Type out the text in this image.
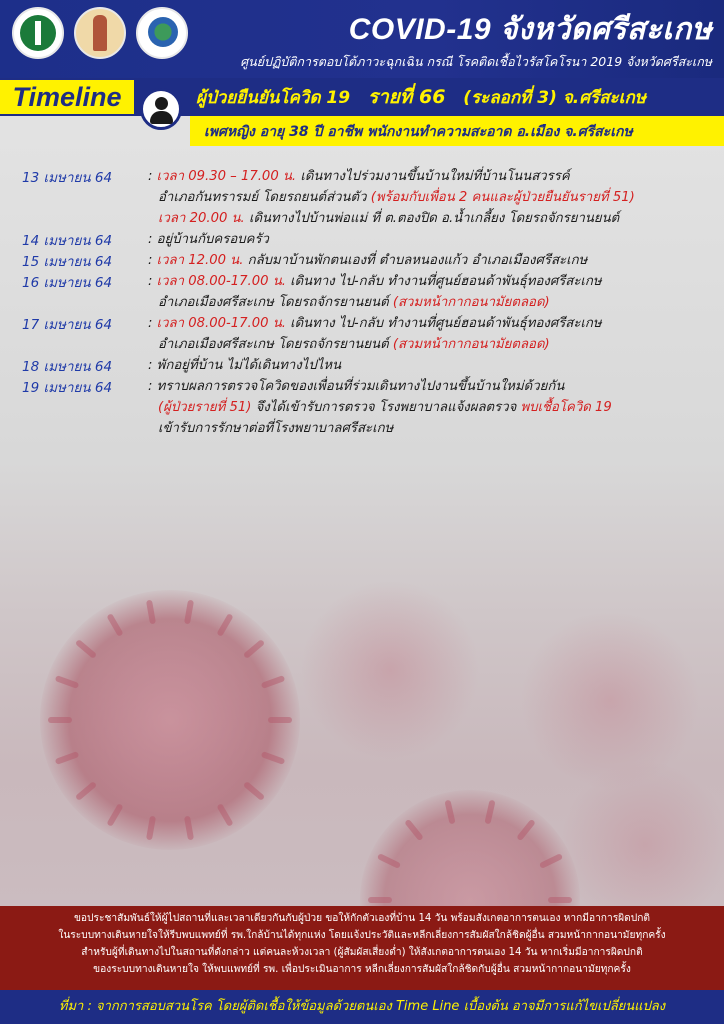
COVID-19 จังหวัดศรีสะเกษ
ศูนย์ปฏิบัติการตอบโต้ภาวะฉุกเฉิน กรณี โรคติดเชื้อไวรัสโคโรนา 2019 จังหวัดศรีสะเกษ
Timeline	ผู้ป่วยยืนยันโควิด 19 รายที่ 66 (ระลอกที่ 3) จ.ศรีสะเกษ
เพศหญิง อายุ 38 ปี อาชีพ พนักงานทำความสะอาด อ.เมือง จ.ศรีสะเกษ
13 เมษายน 64	: เวลา 09.30 – 17.00 น. เดินทางไปร่วมงานขึ้นบ้านใหม่ที่บ้านโนนสวรรค์
อำเภอกันทรารมย์ โดยรถยนต์ส่วนตัว (พร้อมกับเพื่อน 2 คนและผู้ป่วยยืนยันรายที่ 51)
เวลา 20.00 น. เดินทางไปบ้านพ่อแม่ ที่ ต.ตองปิด อ.น้ำเกลี้ยง โดยรถจักรยานยนต์
14 เมษายน 64	: อยู่บ้านกับครอบครัว
15 เมษายน 64	: เวลา 12.00 น. กลับมาบ้านพักตนเองที่ ตำบลหนองแก้ว อำเภอเมืองศรีสะเกษ
16 เมษายน 64	: เวลา 08.00-17.00 น. เดินทาง ไป-กลับ ทำงานที่ศูนย์ฮอนด้าพันธุ์ทองศรีสะเกษ
อำเภอเมืองศรีสะเกษ โดยรถจักรยานยนต์ (สวมหน้ากากอนามัยตลอด)
17 เมษายน 64	: เวลา 08.00-17.00 น. เดินทาง ไป-กลับ ทำงานที่ศูนย์ฮอนด้าพันธุ์ทองศรีสะเกษ
อำเภอเมืองศรีสะเกษ โดยรถจักรยานยนต์ (สวมหน้ากากอนามัยตลอด)
18 เมษายน 64	: พักอยู่ที่บ้าน ไม่ได้เดินทางไปไหน
19 เมษายน 64	: ทราบผลการตรวจโควิดของเพื่อนที่ร่วมเดินทางไปงานขึ้นบ้านใหม่ด้วยกัน
(ผู้ป่วยรายที่ 51) จึงได้เข้ารับการตรวจ โรงพยาบาลแจ้งผลตรวจ พบเชื้อโควิด 19
เข้ารับการรักษาต่อที่โรงพยาบาลศรีสะเกษ
ขอประชาสัมพันธ์ให้ผู้ไปสถานที่และเวลาเดียวกันกับผู้ป่วย ขอให้กักตัวเองที่บ้าน 14 วัน พร้อมสังเกตอาการตนเอง หากมีอาการผิดปกติ
ในระบบทางเดินหายใจให้รีบพบแพทย์ที่ รพ.ใกล้บ้านได้ทุกแห่ง โดยแจ้งประวัติและหลีกเลี่ยงการสัมผัสใกล้ชิดผู้อื่น สวมหน้ากากอนามัยทุกครั้ง
สำหรับผู้ที่เดินทางไปในสถานที่ดังกล่าว แต่คนละห้วงเวลา (ผู้สัมผัสเสี่ยงต่ำ) ให้สังเกตอาการตนเอง 14 วัน หากเริ่มมีอาการผิดปกติ
ของระบบทางเดินหายใจ ให้พบแพทย์ที่ รพ. เพื่อประเมินอาการ หลีกเลี่ยงการสัมผัสใกล้ชิดกับผู้อื่น สวมหน้ากากอนามัยทุกครั้ง
ที่มา : จากการสอบสวนโรค โดยผู้ติดเชื้อให้ข้อมูลด้วยตนเอง Time Line เบื้องต้น อาจมีการแก้ไขเปลี่ยนแปลง
